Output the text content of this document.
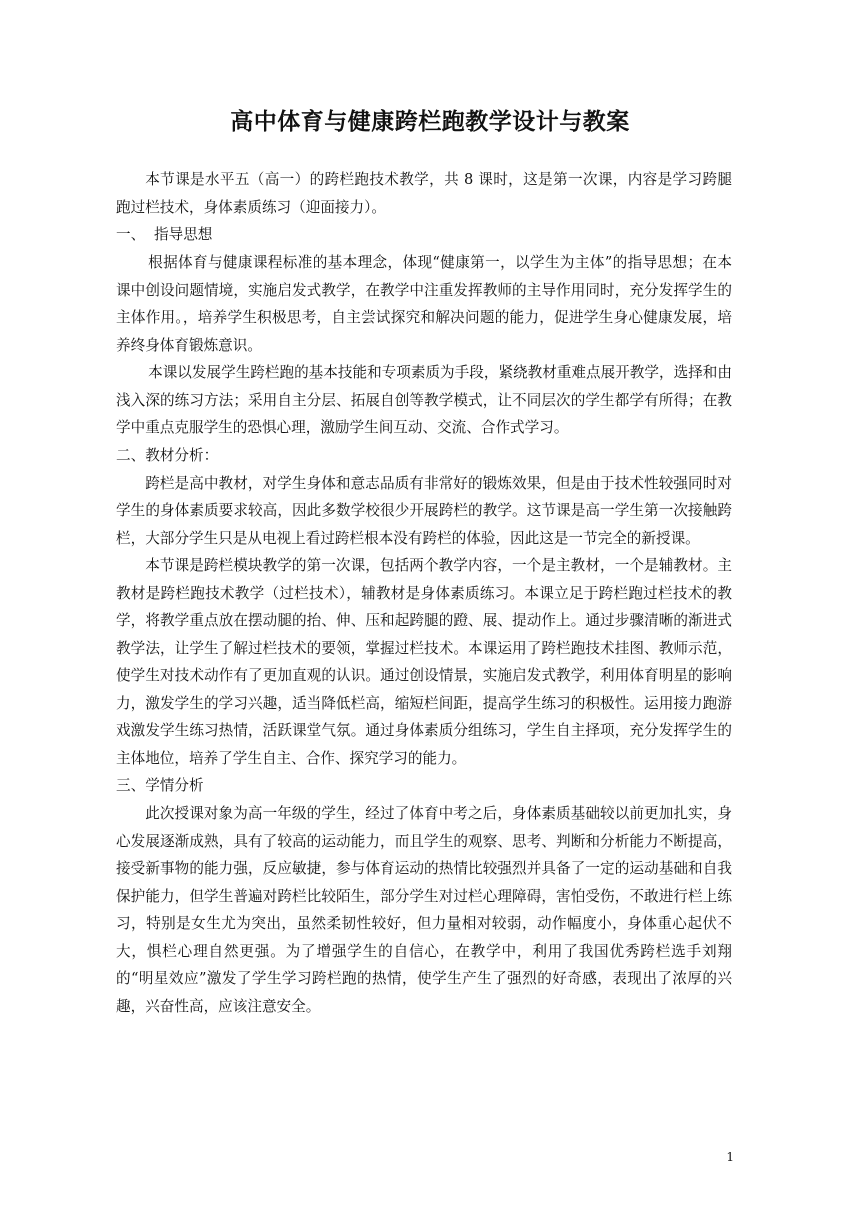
高中体育与健康跨栏跑教学设计与教案

本节课是水平五（高一）的跨栏跑技术教学，共 8 课时，这是第一次课，内容是学习跨腿跑过栏技术，身体素质练习（迎面接力）。

一、 指导思想

根据体育与健康课程标准的基本理念，体现“健康第一，以学生为主体”的指导思想；在本课中创设问题情境，实施启发式教学，在教学中注重发挥教师的主导作用同时，充分发挥学生的主体作用。，培养学生积极思考，自主尝试探究和解决问题的能力，促进学生身心健康发展，培养终身体育锻炼意识。

本课以发展学生跨栏跑的基本技能和专项素质为手段，紧绕教材重难点展开教学，选择和由浅入深的练习方法；采用自主分层、拓展自创等教学模式，让不同层次的学生都学有所得；在教学中重点克服学生的恐惧心理，激励学生间互动、交流、合作式学习。

二、教材分析：

跨栏是高中教材，对学生身体和意志品质有非常好的锻炼效果，但是由于技术性较强同时对学生的身体素质要求较高，因此多数学校很少开展跨栏的教学。这节课是高一学生第一次接触跨栏，大部分学生只是从电视上看过跨栏根本没有跨栏的体验，因此这是一节完全的新授课。

本节课是跨栏模块教学的第一次课，包括两个教学内容，一个是主教材，一个是辅教材。主教材是跨栏跑技术教学（过栏技术），辅教材是身体素质练习。本课立足于跨栏跑过栏技术的教学，将教学重点放在摆动腿的抬、伸、压和起跨腿的蹬、展、提动作上。通过步骤清晰的渐进式教学法，让学生了解过栏技术的要领，掌握过栏技术。本课运用了跨栏跑技术挂图、教师示范，使学生对技术动作有了更加直观的认识。通过创设情景，实施启发式教学，利用体育明星的影响力，激发学生的学习兴趣，适当降低栏高，缩短栏间距，提高学生练习的积极性。运用接力跑游戏激发学生练习热情，活跃课堂气氛。通过身体素质分组练习，学生自主择项，充分发挥学生的主体地位，培养了学生自主、合作、探究学习的能力。

三、学情分析

此次授课对象为高一年级的学生，经过了体育中考之后，身体素质基础较以前更加扎实，身心发展逐渐成熟，具有了较高的运动能力，而且学生的观察、思考、判断和分析能力不断提高，接受新事物的能力强，反应敏捷，参与体育运动的热情比较强烈并具备了一定的运动基础和自我保护能力，但学生普遍对跨栏比较陌生，部分学生对过栏心理障碍，害怕受伤，不敢进行栏上练习，特别是女生尤为突出，虽然柔韧性较好，但力量相对较弱，动作幅度小，身体重心起伏不大，惧栏心理自然更强。为了增强学生的自信心，在教学中，利用了我国优秀跨栏选手刘翔的“明星效应”激发了学生学习跨栏跑的热情，使学生产生了强烈的好奇感，表现出了浓厚的兴趣，兴奋性高，应该注意安全。

1
